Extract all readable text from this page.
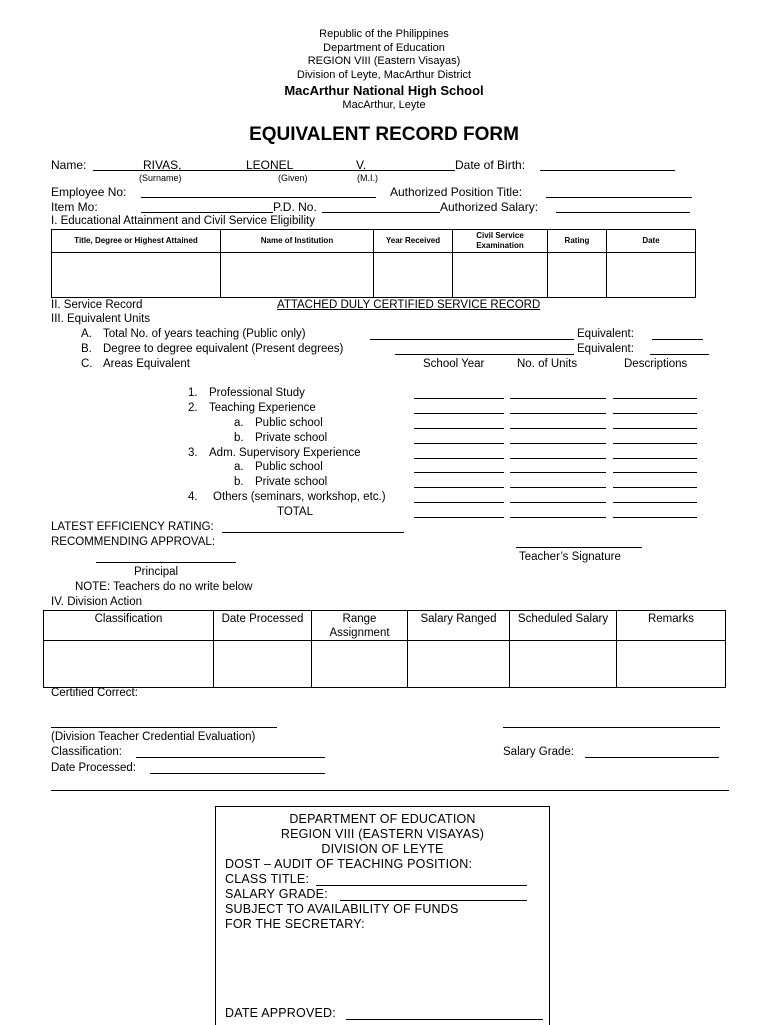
Republic of the Philippines
Department of Education
REGION VIII (Eastern Visayas)
Division of Leyte, MacArthur District
MacArthur National High School
MacArthur, Leyte
EQUIVALENT RECORD FORM
Name:	RIVAS,	LEONEL	V.	Date of Birth:
(Surname)	(Given)	(M.I.)
Employee No:	Authorized Position Title:
Item Mo:	P.D. No.	Authorized Salary:
I. Educational Attainment and Civil Service Eligibility
Title, Degree or Highest Attained	Name of Institution	Year Received	Civil Service Examination	Rating	Date

II. Service Record	ATTACHED DULY CERTIFIED SERVICE RECORD
III. Equivalent Units
A. Total No. of years teaching (Public only)	Equivalent:
B. Degree to degree equivalent (Present degrees)	Equivalent:
C. Areas Equivalent	School Year	No. of Units	Descriptions
1. Professional Study
2. Teaching Experience
a. Public school
b. Private school
3. Adm. Supervisory Experience
a. Public school
b. Private school
4. Others (seminars, workshop, etc.)
TOTAL
LATEST EFFICIENCY RATING:
RECOMMENDING APPROVAL:
Teacher’s Signature
Principal
NOTE: Teachers do no write below
IV. Division Action
Classification	Date Processed	Range Assignment	Salary Ranged	Scheduled Salary	Remarks

Certified Correct:
(Division Teacher Credential Evaluation)
Classification:	Salary Grade:
Date Processed:
DEPARTMENT OF EDUCATION
REGION VIII (EASTERN VISAYAS)
DIVISION OF LEYTE
DOST – AUDIT OF TEACHING POSITION:
CLASS TITLE:
SALARY GRADE:
SUBJECT TO AVAILABILITY OF FUNDS
FOR THE SECRETARY:
DATE APPROVED:
